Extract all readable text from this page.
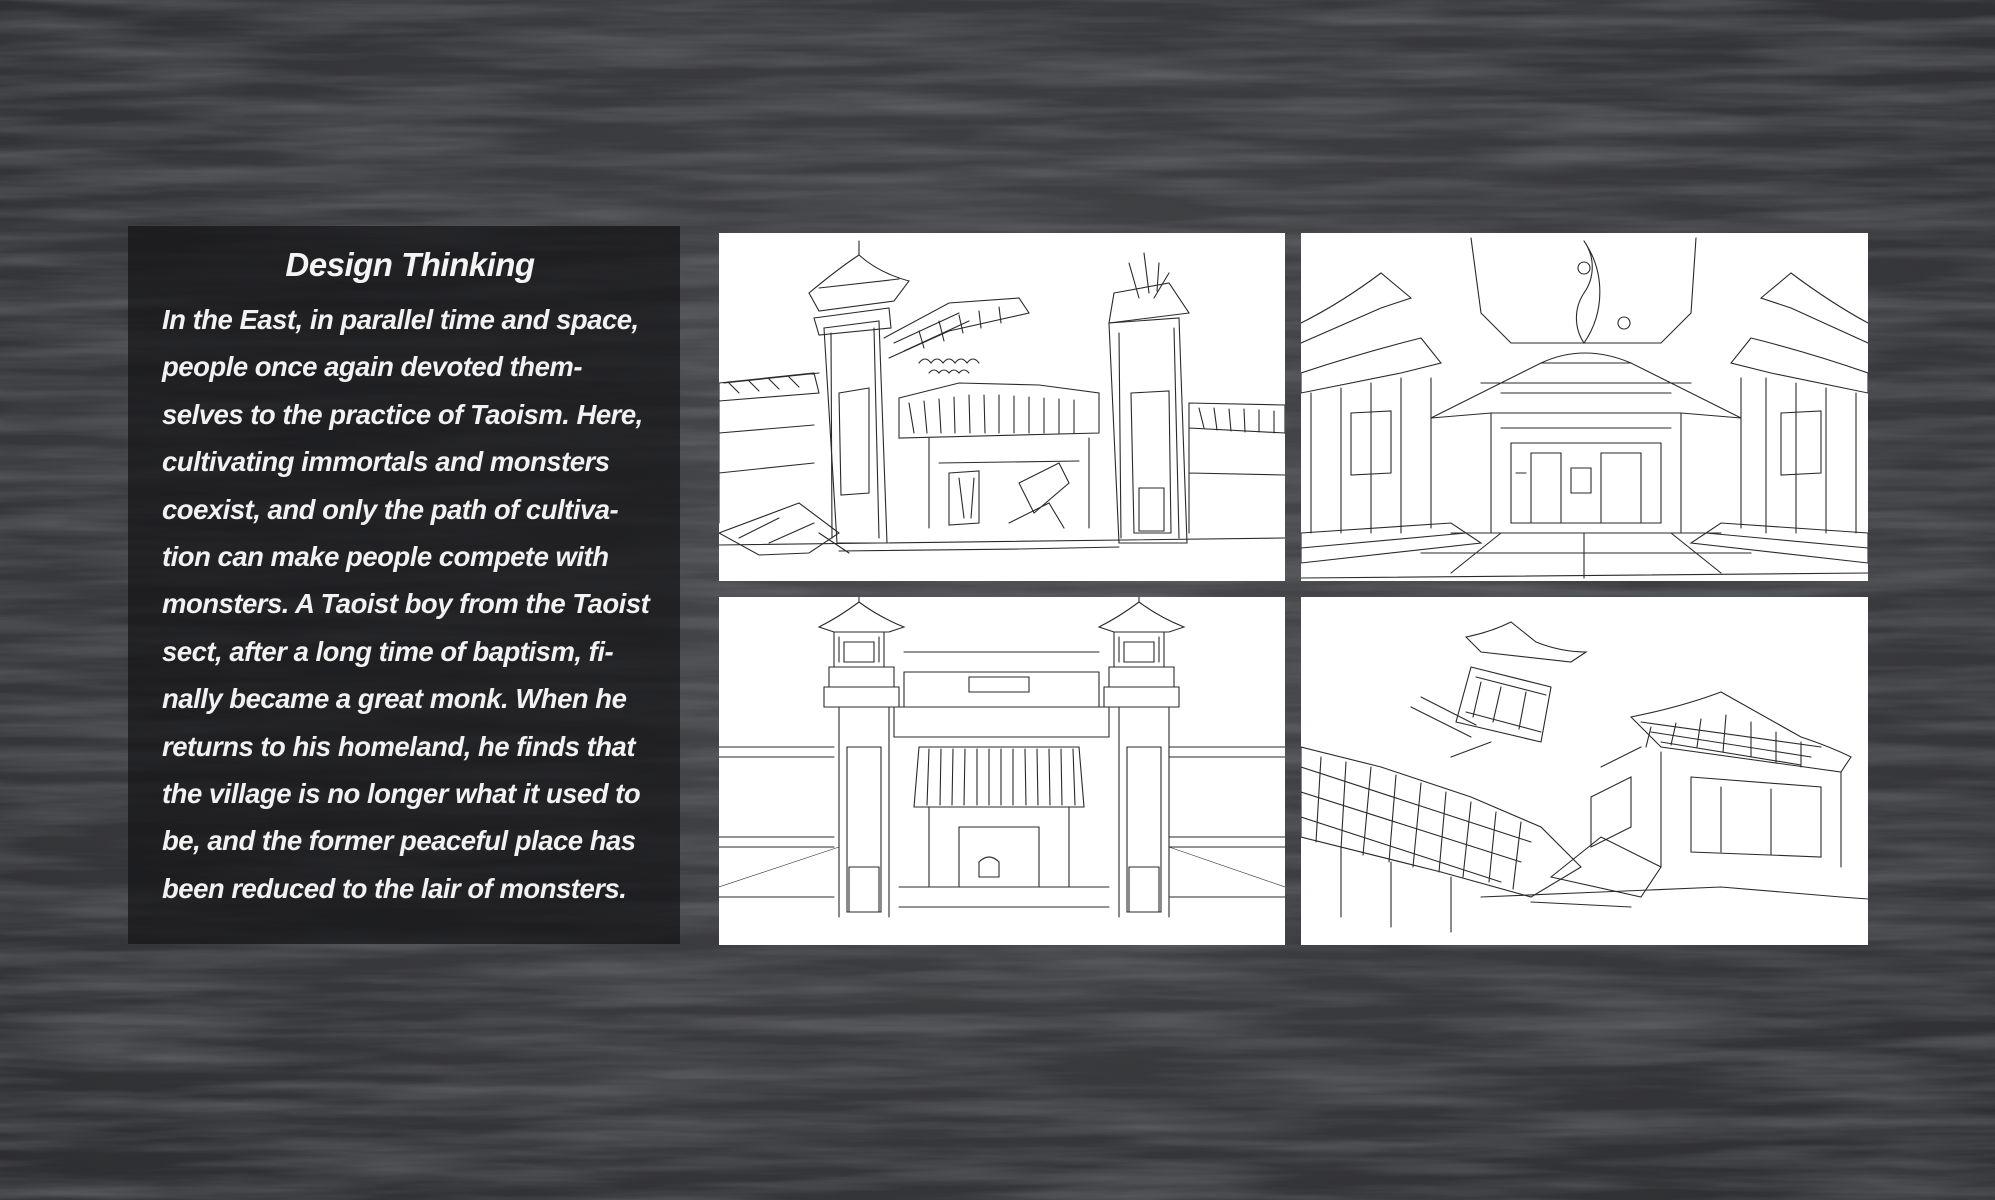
Design Thinking
In the East, in parallel time and space,
people once again devoted them-
selves to the practice of Taoism. Here,
cultivating immortals and monsters
coexist, and only the path of cultiva-
tion can make people compete with
monsters. A Taoist boy from the Taoist
sect, after a long time of baptism, fi-
nally became a great monk. When he
returns to his homeland, he finds that
the village is no longer what it used to
be, and the former peaceful place has
been reduced to the lair of monsters.
